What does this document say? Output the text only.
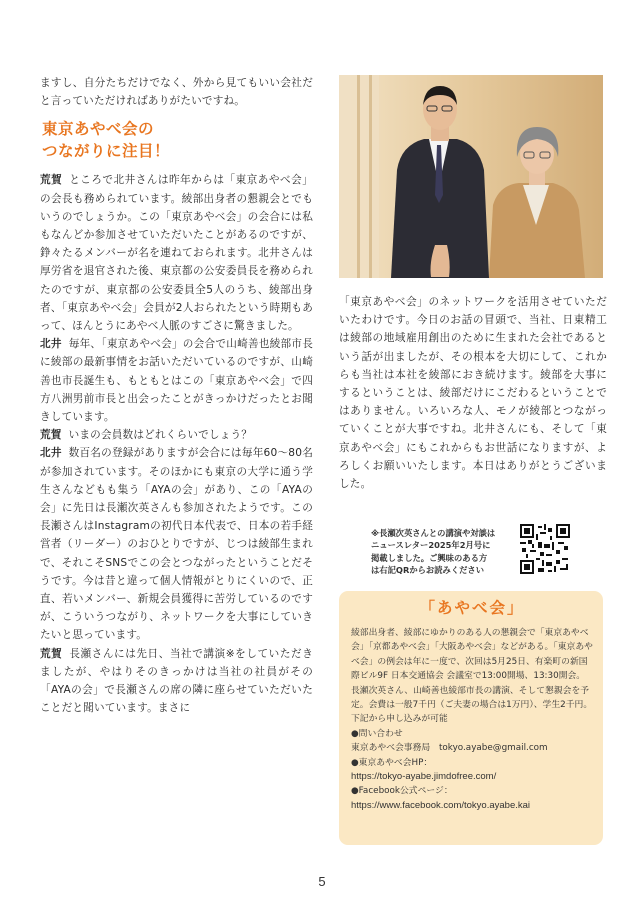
ますし、自分たちだけでなく、外から見てもいい会社だと言っていただければありがたいですね。

東京あやべ会の
つながりに注目！

荒賀 ところで北井さんは昨年からは「東京あやべ会」の会長も務められています。綾部出身者の懇親会とでもいうのでしょうか。この「東京あやべ会」の会合には私もなんどか参加させていただいたことがあるのですが、錚々たるメンバーが名を連ねておられます。北井さんは厚労省を退官された後、東京都の公安委員長を務められたのですが、東京都の公安委員全5人のうち、綾部出身者、「東京あやべ会」会員が2人おられたという時期もあって、ほんとうにあやべ人脈のすごさに驚きました。

北井 毎年、「東京あやべ会」の会合で山崎善也綾部市長に綾部の最新事情をお話いただいているのですが、山崎善也市長誕生も、もともとはこの「東京あやべ会」で四方八洲男前市長と出会ったことがきっかけだったとお聞きしています。

荒賀 いまの会員数はどれくらいでしょう？

北井 数百名の登録がありますが会合には毎年60〜80名が参加されています。そのほかにも東京の大学に通う学生さんなどもも集う「AYAの会」があり、この「AYAの会」に先日は長瀬次英さんも参加されたようです。この長瀬さんはInstagramの初代日本代表で、日本の若手経営者（リーダー）のおひとりですが、じつは綾部生まれで、それこそSNSでこの会とつながったということだそうです。今は昔と違って個人情報がとりにくいので、正直、若いメンバー、新規会員獲得に苦労しているのですが、こういうつながり、ネットワークを大事にしていきたいと思っています。

荒賀 長瀬さんには先日、当社で講演※をしていただきましたが、やはりそのきっかけは当社の社員がその「AYAの会」で長瀬さんの席の隣に座らせていただいたことだと聞いています。まさに

「東京あやべ会」のネットワークを活用させていただいたわけです。今日のお話の冒頭で、当社、日東精工は綾部の地域雇用創出のために生まれた会社であるという話が出ましたが、その根本を大切にして、これからも当社は本社を綾部におき続けます。綾部を大事にするということは、綾部だけにこだわるということではありません。いろいろな人、モノが綾部とつながっていくことが大事ですね。北井さんにも、そして「東京あやべ会」にもこれからもお世話になりますが、よろしくお願いいたします。本日はありがとうございました。

※長瀬次英さんとの講演や対談は

ニュースレター2025年2月号に

掲載しました。ご興味のある方

は右記QRからお読みください

「あやべ会」

綾部出身者、綾部にゆかりのある人の懇親会で「東京あやべ会」「京都あやべ会」「大阪あやべ会」などがある。「東京あやべ会」の例会は年に一度で、次回は5月25日、有楽町の新国際ビル9F 日本交通協会 会議室で13:00開場、13:30開会。長瀬次英さん、山崎善也綾部市長の講演、そして懇親会を予定。会費は一般7千円（ご夫妻の場合は1万円）、学生2千円。下記から申し込みが可能

●問い合わせ

東京あやべ会事務局　tokyo.ayabe@gmail.com

●東京あやべ会HP：

https://tokyo-ayabe.jimdofree.com/

●Facebook公式ページ：

https://www.facebook.com/tokyo.ayabe.kai

5
